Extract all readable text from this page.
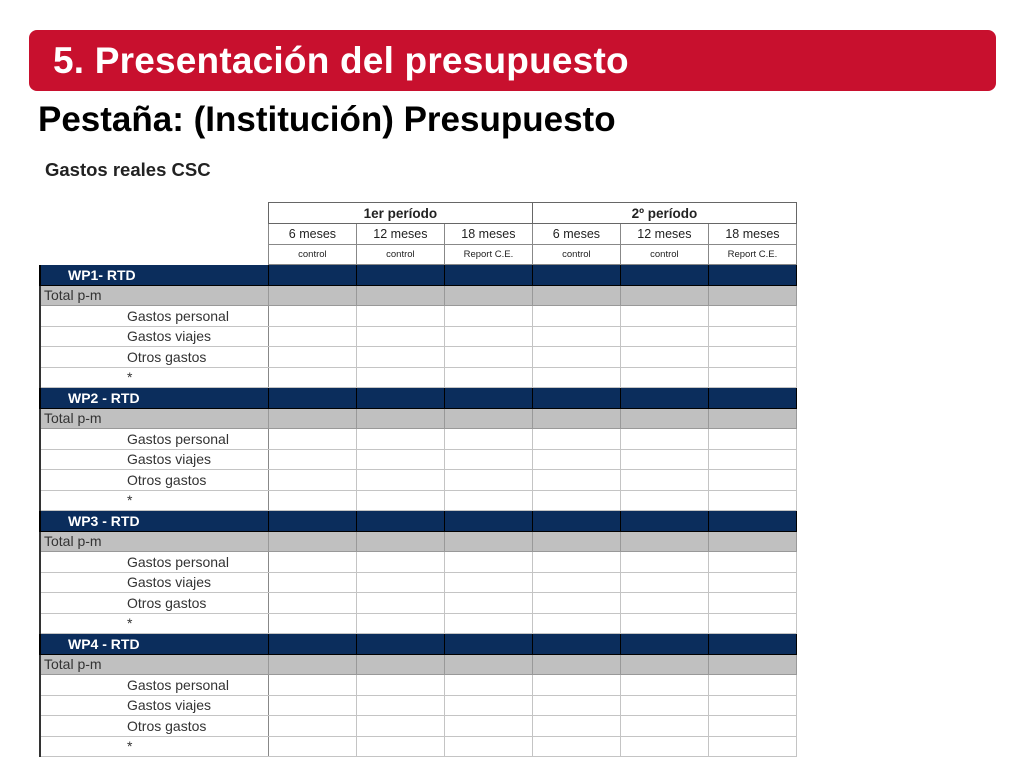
5. Presentación del presupuesto
Pestaña: (Institución) Presupuesto
Gastos reales CSC
	1er período			2º período		
	6 meses	12 meses	18 meses	6 meses	12 meses	18 meses
	control	control	Report C.E.	control	control	Report C.E.
WP1- RTD						
Total p-m						
Gastos personal						
Gastos viajes						
Otros gastos						
*						
WP2 - RTD						
Total p-m						
Gastos personal						
Gastos viajes						
Otros gastos						
*						
WP3 - RTD						
Total p-m						
Gastos personal						
Gastos viajes						
Otros gastos						
*						
WP4 - RTD						
Total p-m						
Gastos personal						
Gastos viajes						
Otros gastos						
*						
